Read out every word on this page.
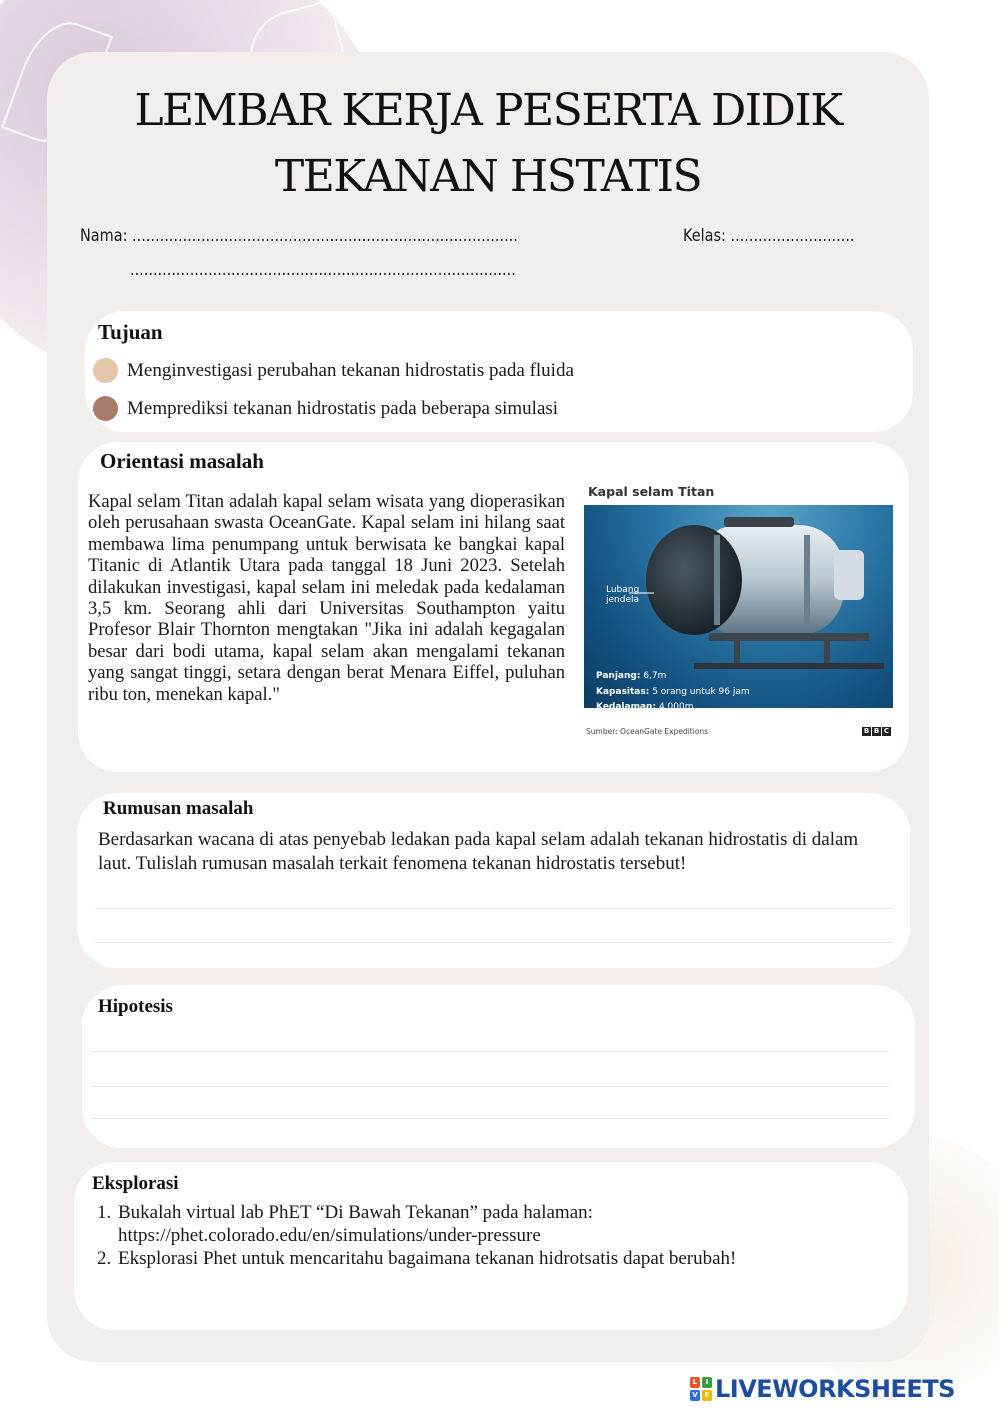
LEMBAR KERJA PESERTA DIDIK
TEKANAN HSTATIS
Nama: ....................................................................................
....................................................................................
Kelas: ...........................
Tujuan
Menginvestigasi perubahan tekanan hidrostatis pada fluida
Memprediksi tekanan hidrostatis pada beberapa simulasi
Orientasi masalah
Kapal selam Titan adalah kapal selam wisata yang dioperasikan oleh perusahaan swasta OceanGate. Kapal selam ini hilang saat membawa lima penumpang untuk berwisata ke bangkai kapal Titanic di Atlantik Utara pada tanggal 18 Juni 2023. Setelah dilakukan investigasi, kapal selam ini meledak pada kedalaman 3,5 km. Seorang ahli dari Universitas Southampton yaitu Profesor Blair Thornton mengtakan "Jika ini adalah kegagalan besar dari bodi utama, kapal selam akan mengalami tekanan yang sangat tinggi, setara dengan berat Menara Eiffel, puluhan ribu ton, menekan kapal."
Kapal selam Titan
Lubang
jendela
Panjang: 6,7m
Kapasitas: 5 orang untuk 96 jam
Kedalaman: 4.000m
Sumber: OceanGate Expeditions	B B C
Rumusan masalah
Berdasarkan wacana di atas penyebab ledakan pada kapal selam adalah tekanan hidrostatis di dalam laut. Tulislah rumusan masalah terkait fenomena tekanan hidrostatis tersebut!
Hipotesis
Eksplorasi
1. Bukalah virtual lab PhET “Di Bawah Tekanan” pada halaman: https://phet.colorado.edu/en/simulations/under-pressure
2. Eksplorasi Phet untuk mencaritahu bagaimana tekanan hidrotsatis dapat berubah!
L	I
V E LIVEWORKSHEETS
